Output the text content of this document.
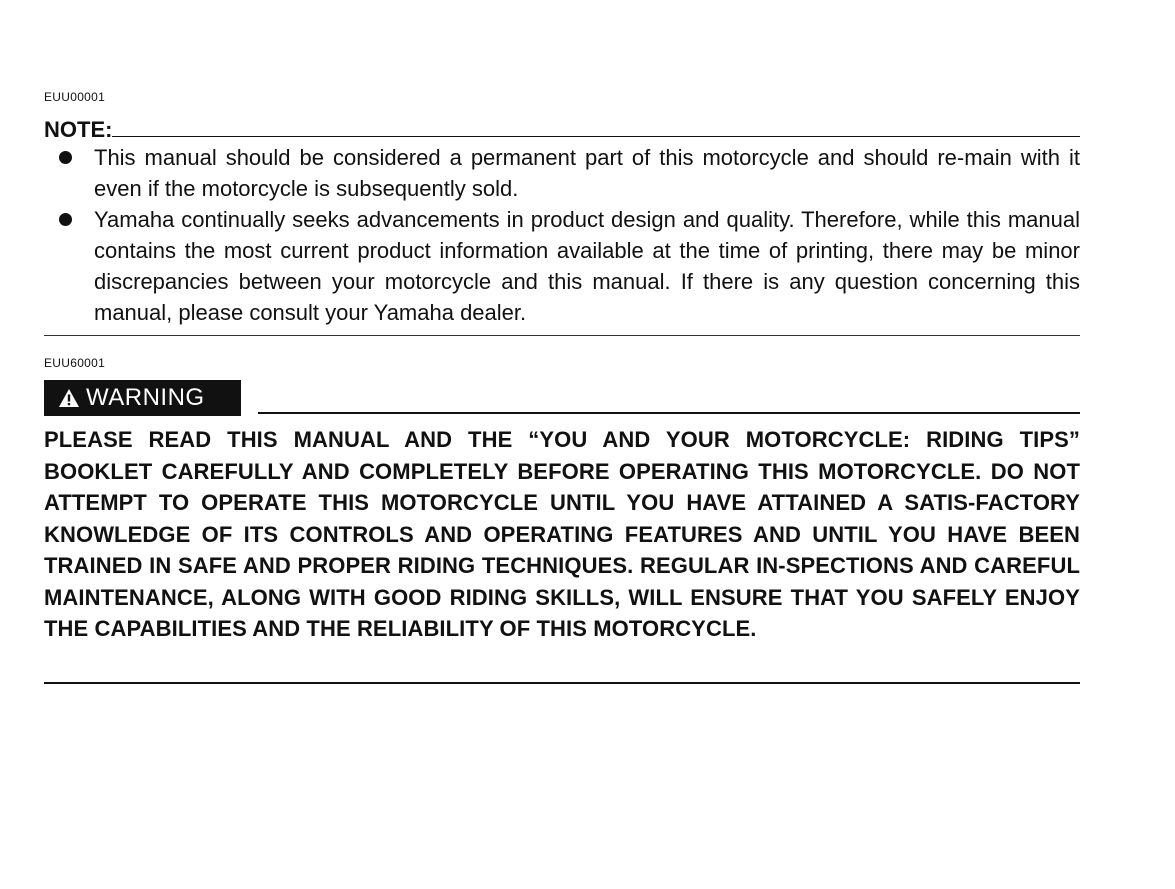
EUU00001
NOTE:
This manual should be considered a permanent part of this motorcycle and should re-main with it even if the motorcycle is subsequently sold.
Yamaha continually seeks advancements in product design and quality. Therefore, while this manual contains the most current product information available at the time of printing, there may be minor discrepancies between your motorcycle and this manual. If there is any question concerning this manual, please consult your Yamaha dealer.
EUU60001
WARNING

PLEASE READ THIS MANUAL AND THE “YOU AND YOUR MOTORCYCLE: RIDING TIPS” BOOKLET CAREFULLY AND COMPLETELY BEFORE OPERATING THIS MOTORCYCLE. DO NOT ATTEMPT TO OPERATE THIS MOTORCYCLE UNTIL YOU HAVE ATTAINED A SATIS-FACTORY KNOWLEDGE OF ITS CONTROLS AND OPERATING FEATURES AND UNTIL YOU HAVE BEEN TRAINED IN SAFE AND PROPER RIDING TECHNIQUES. REGULAR IN-SPECTIONS AND CAREFUL MAINTENANCE, ALONG WITH GOOD RIDING SKILLS, WILL ENSURE THAT YOU SAFELY ENJOY THE CAPABILITIES AND THE RELIABILITY OF THIS MOTORCYCLE.
